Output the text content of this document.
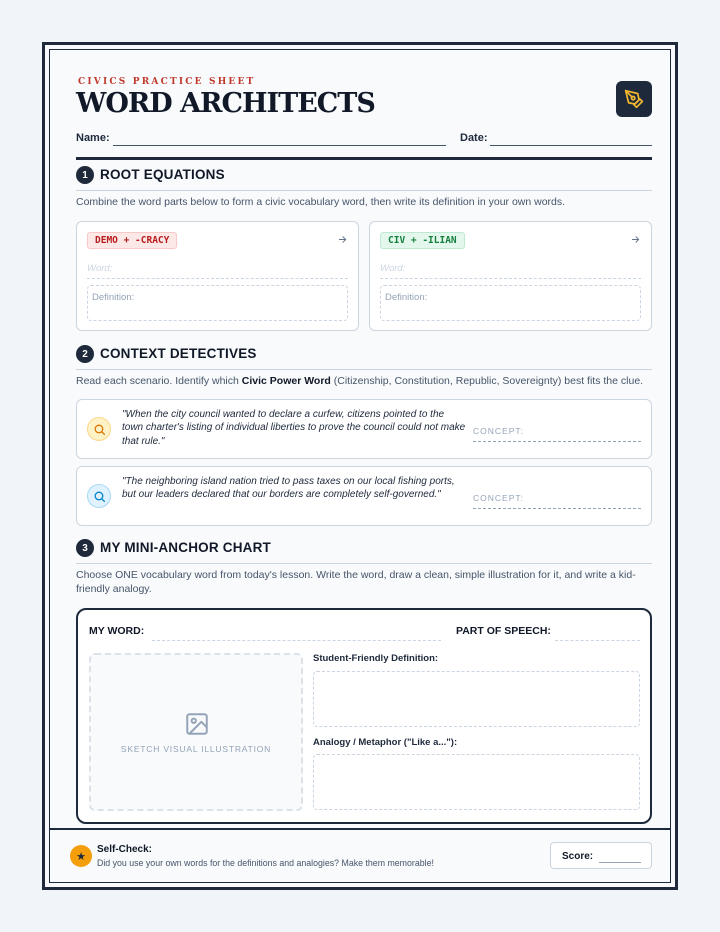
CIVICS PRACTICE SHEET
WORD ARCHITECTS
Name:	Date:
1 ROOT EQUATIONS
Combine the word parts below to form a civic vocabulary word, then write its definition in your own words.
DEMO + -CRACY
Word:
Definition:
CIV + -ILIAN
Word:
Definition:
2 CONTEXT DETECTIVES
Read each scenario. Identify which Civic Power Word (Citizenship, Constitution, Republic, Sovereignty) best fits the clue.
"When the city council wanted to declare a curfew, citizens pointed to the town charter's listing of individual liberties to prove the council could not make that rule."
CONCEPT:
"The neighboring island nation tried to pass taxes on our local fishing ports, but our leaders declared that our borders are completely self-governed."	CONCEPT:
3 MY MINI-ANCHOR CHART
Choose ONE vocabulary word from today's lesson. Write the word, draw a clean, simple illustration for it, and write a kid-friendly analogy.
MY WORD:	PART OF SPEECH:
SKETCH VISUAL ILLUSTRATION
Student-Friendly Definition:
Analogy / Metaphor ("Like a..."):
★
Self-Check:
Did you use your own words for the definitions and analogies? Make them memorable!
Score:
